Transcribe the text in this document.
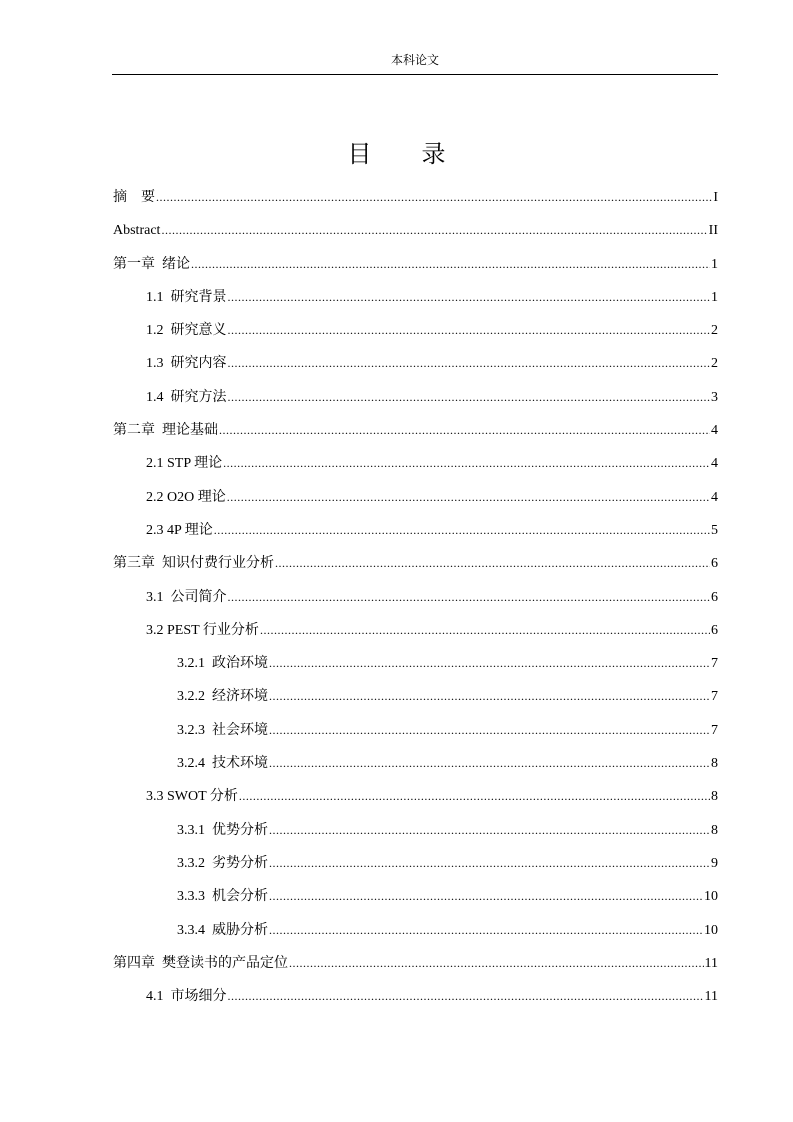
本科论文
目 录
摘    要 .....	I
Abstract .....	II
第一章  绪论 .....	1
1.1  研究背景 .....	1
1.2  研究意义 .....	2
1.3  研究内容 .....	2
1.4  研究方法 .....	3
第二章  理论基础 .....	4
2.1 STP 理论 .....	4
2.2 O2O 理论 .....	4
2.3 4P 理论 .....	5
第三章  知识付费行业分析 .....	6
3.1  公司简介 .....	6
3.2 PEST 行业分析 .....	6
3.2.1  政治环境 .....	7
3.2.2  经济环境 .....	7
3.2.3  社会环境 .....	7
3.2.4  技术环境 .....	8
3.3 SWOT 分析 .....	8
3.3.1  优势分析 .....	8
3.3.2  劣势分析 .....	9
3.3.3  机会分析 .....	10
3.3.4  威胁分析 .....	10
第四章  樊登读书的产品定位 .....	11
4.1  市场细分 .....	11
